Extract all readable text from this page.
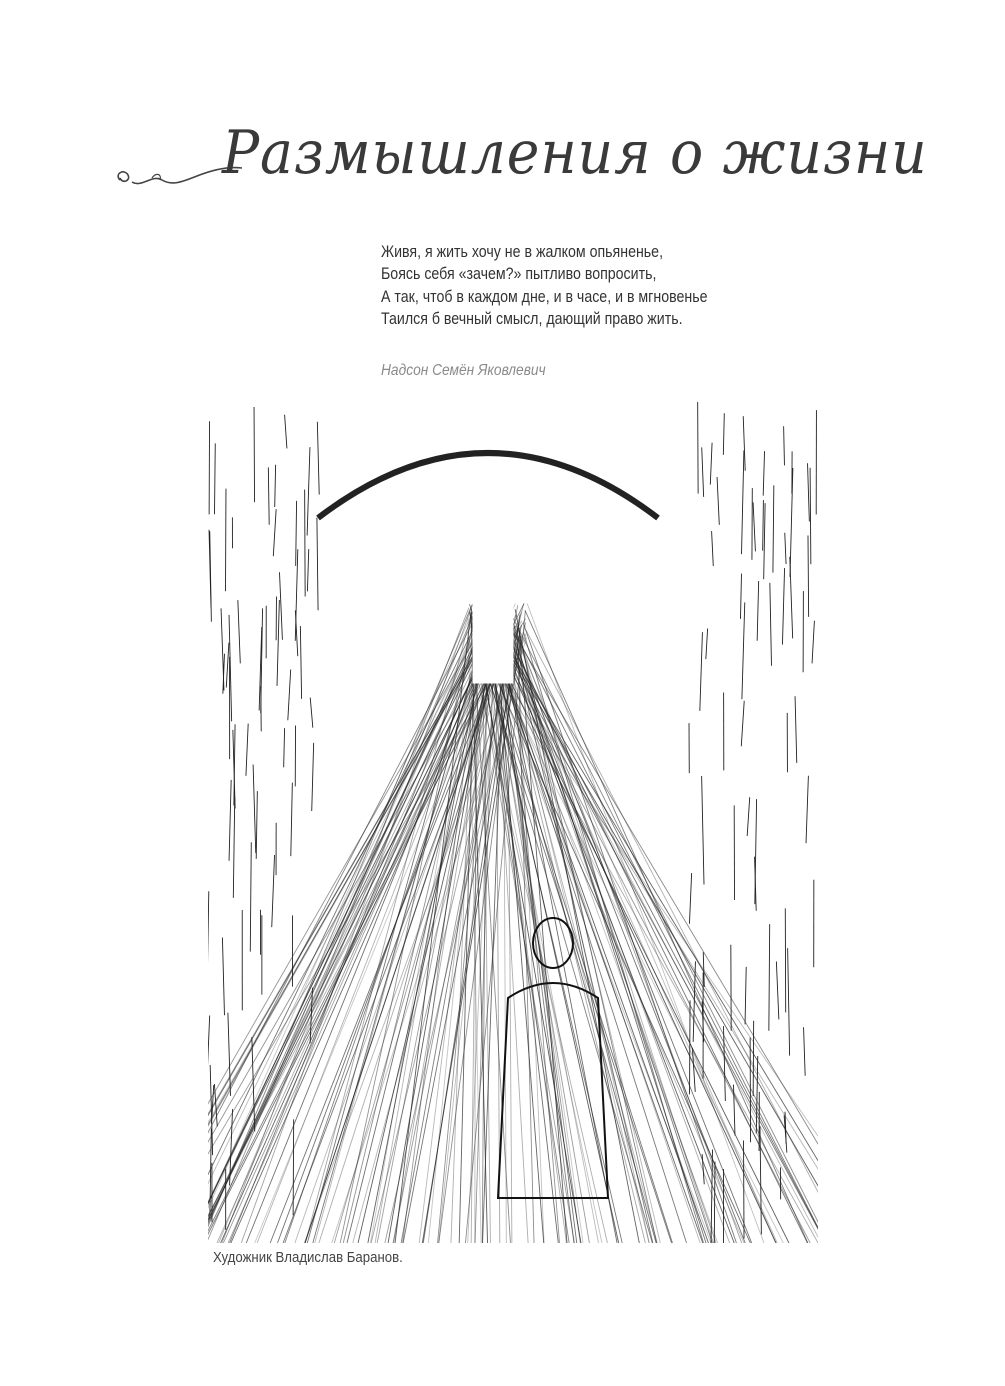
Размышления о жизни
Живя, я жить хочу не в жалком опьяненье,
Боясь себя «зачем?» пытливо вопросить,
А так, чтоб в каждом дне, и в часе, и в мгновенье
Таился б вечный смысл, дающий право жить.
Надсон Семён Яковлевич
Художник Владислав Баранов.
